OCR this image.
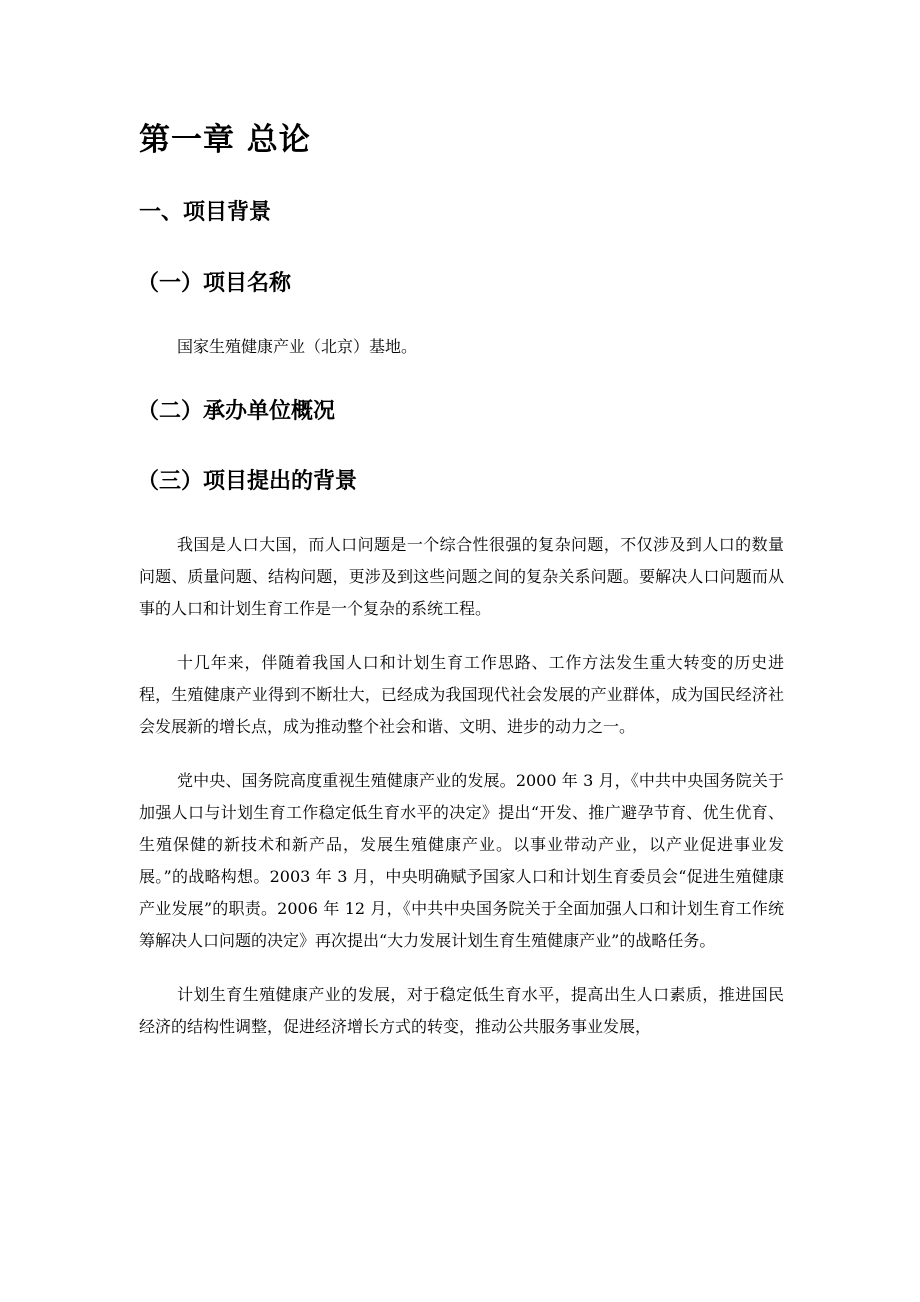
第一章 总论
一、项目背景
（一）项目名称

国家生殖健康产业（北京）基地。

（二）承办单位概况
（三）项目提出的背景

我国是人口大国，而人口问题是一个综合性很强的复杂问题，不仅涉及到人口的数量问题、质量问题、结构问题，更涉及到这些问题之间的复杂关系问题。要解决人口问题而从事的人口和计划生育工作是一个复杂的系统工程。

十几年来，伴随着我国人口和计划生育工作思路、工作方法发生重大转变的历史进程，生殖健康产业得到不断壮大，已经成为我国现代社会发展的产业群体，成为国民经济社会发展新的增长点，成为推动整个社会和谐、文明、进步的动力之一。

党中央、国务院高度重视生殖健康产业的发展。2000 年 3 月，《中共中央国务院关于加强人口与计划生育工作稳定低生育水平的决定》提出“开发、推广避孕节育、优生优育、生殖保健的新技术和新产品，发展生殖健康产业。以事业带动产业，以产业促进事业发展。”的战略构想。2003 年 3 月，中央明确赋予国家人口和计划生育委员会“促进生殖健康产业发展”的职责。2006 年 12 月，《中共中央国务院关于全面加强人口和计划生育工作统筹解决人口问题的决定》再次提出“大力发展计划生育生殖健康产业”的战略任务。

计划生育生殖健康产业的发展，对于稳定低生育水平，提高出生人口素质，推进国民经济的结构性调整，促进经济增长方式的转变，推动公共服务事业发展，
